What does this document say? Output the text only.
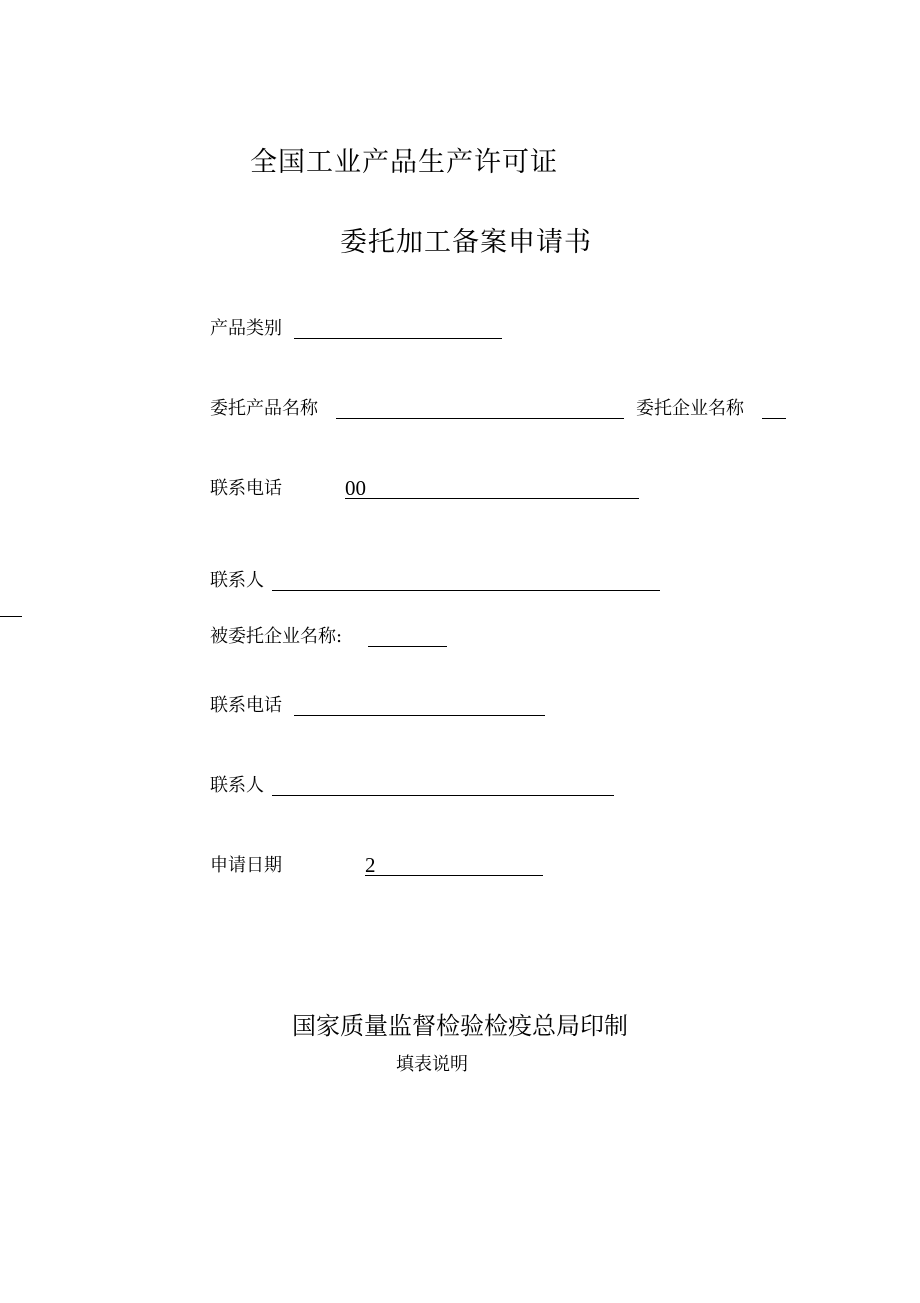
全国工业产品生产许可证
委托加工备案申请书
产品类别
委托产品名称	委托企业名称
联系电话	00
联系人
被委托企业名称:
联系电话
联系人
申请日期	2
国家质量监督检验检疫总局印制
填表说明
